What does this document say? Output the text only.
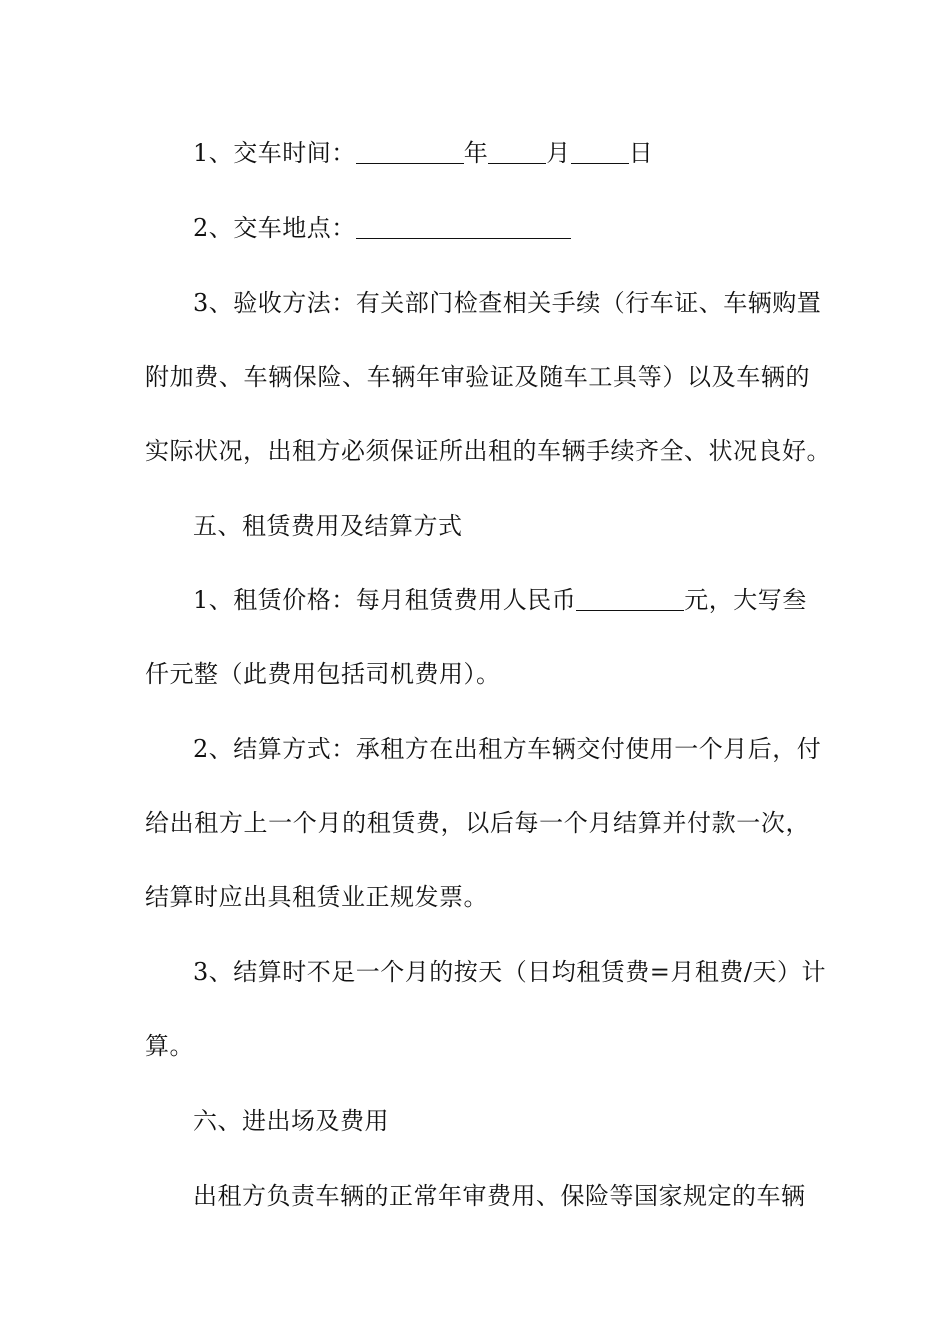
1、交车时间：	年 月 日
2、交车地点：
3、验收方法：有关部门检查相关手续（行车证、车辆购置
附加费、车辆保险、车辆年审验证及随车工具等）以及车辆的
实际状况，出租方必须保证所出租的车辆手续齐全、状况良好。
五、租赁费用及结算方式
1、租赁价格：每月租赁费用人民币	元，大写叁
仟元整（此费用包括司机费用）。
2、结算方式：承租方在出租方车辆交付使用一个月后，付
给出租方上一个月的租赁费，以后每一个月结算并付款一次，
结算时应出具租赁业正规发票。
3、结算时不足一个月的按天（日均租赁费=月租费/天）计
算。
六、进出场及费用
出租方负责车辆的正常年审费用、保险等国家规定的车辆
